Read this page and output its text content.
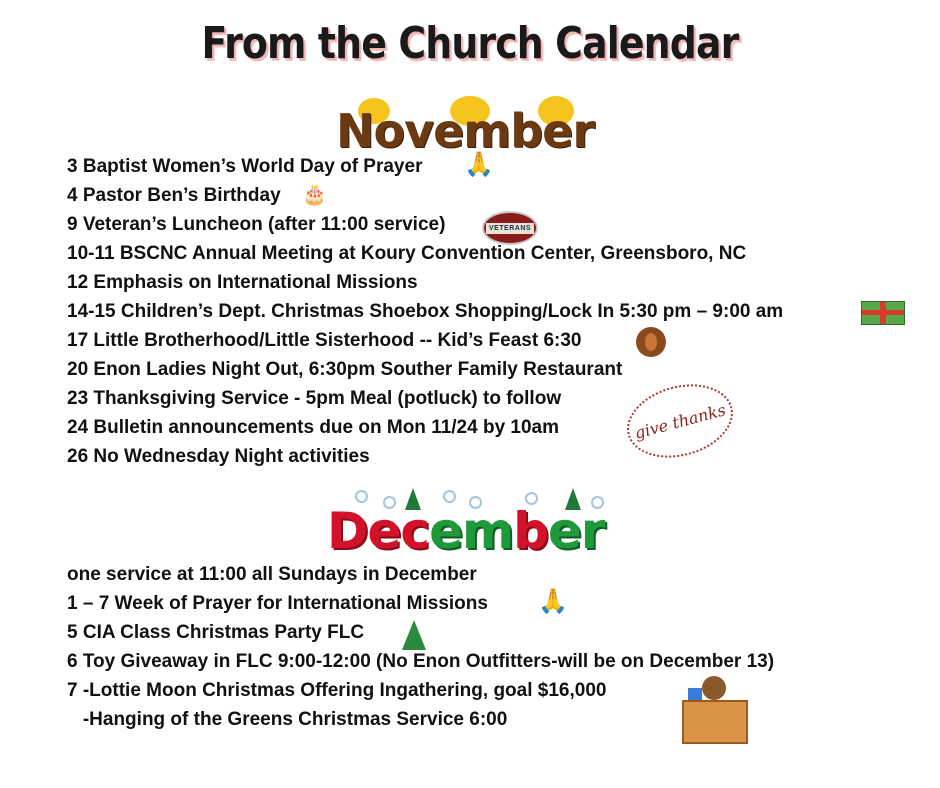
From the Church Calendar
November
3 Baptist Women’s World Day of Prayer 🙏
4 Pastor Ben’s Birthday 🎂
9 Veteran’s Luncheon (after 11:00 service)	VETERANS
10-11 BSCNC Annual Meeting at Koury Convention Center, Greensboro, NC
12 Emphasis on International Missions
14-15 Children’s Dept. Christmas Shoebox Shopping/Lock In 5:30 pm – 9:00 am
17 Little Brotherhood/Little Sisterhood -- Kid’s Feast 6:30
20 Enon Ladies Night Out, 6:30pm Souther Family Restaurant
23 Thanksgiving Service - 5pm Meal (potluck) to follow
give thanks
24 Bulletin announcements due on Mon 11/24 by 10am
26 No Wednesday Night activities
December
one service at 11:00 all Sundays in December
1 – 7 Week of Prayer for International Missions 🙏
5 CIA Class Christmas Party FLC
6 Toy Giveaway in FLC 9:00-12:00 (No Enon Outfitters-will be on December 13)
7 -Lottie Moon Christmas Offering Ingathering, goal $16,000
-Hanging of the Greens Christmas Service 6:00
